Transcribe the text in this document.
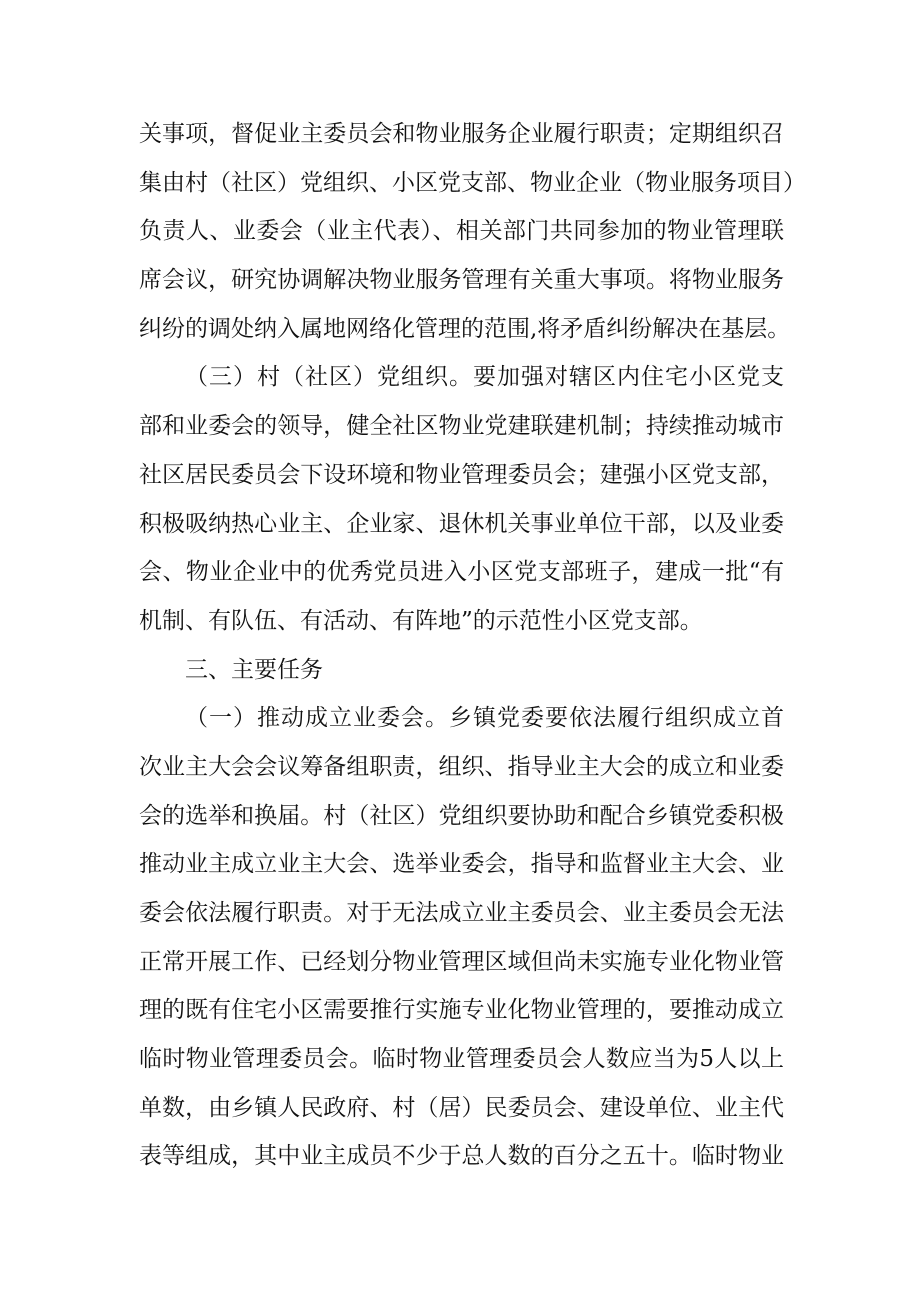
关事项，督促业主委员会和物业服务企业履行职责；定期组织召
集由村（社区）党组织、小区党支部、物业企业（物业服务项目）
负责人、业委会（业主代表）、相关部门共同参加的物业管理联
席会议，研究协调解决物业服务管理有关重大事项。将物业服务
纠纷的调处纳入属地网络化管理的范围,将矛盾纠纷解决在基层。
（三）村（社区）党组织。要加强对辖区内住宅小区党支
部和业委会的领导，健全社区物业党建联建机制；持续推动城市
社区居民委员会下设环境和物业管理委员会；建强小区党支部，
积极吸纳热心业主、企业家、退休机关事业单位干部，以及业委
会、物业企业中的优秀党员进入小区党支部班子，建成一批“有
机制、有队伍、有活动、有阵地”的示范性小区党支部。
三、主要任务
（一）推动成立业委会。乡镇党委要依法履行组织成立首
次业主大会会议筹备组职责，组织、指导业主大会的成立和业委
会的选举和换届。村（社区）党组织要协助和配合乡镇党委积极
推动业主成立业主大会、选举业委会，指导和监督业主大会、业
委会依法履行职责。对于无法成立业主委员会、业主委员会无法
正常开展工作、已经划分物业管理区域但尚未实施专业化物业管
理的既有住宅小区需要推行实施专业化物业管理的，要推动成立
临时物业管理委员会。临时物业管理委员会人数应当为5人以上
单数，由乡镇人民政府、村（居）民委员会、建设单位、业主代
表等组成，其中业主成员不少于总人数的百分之五十。临时物业
